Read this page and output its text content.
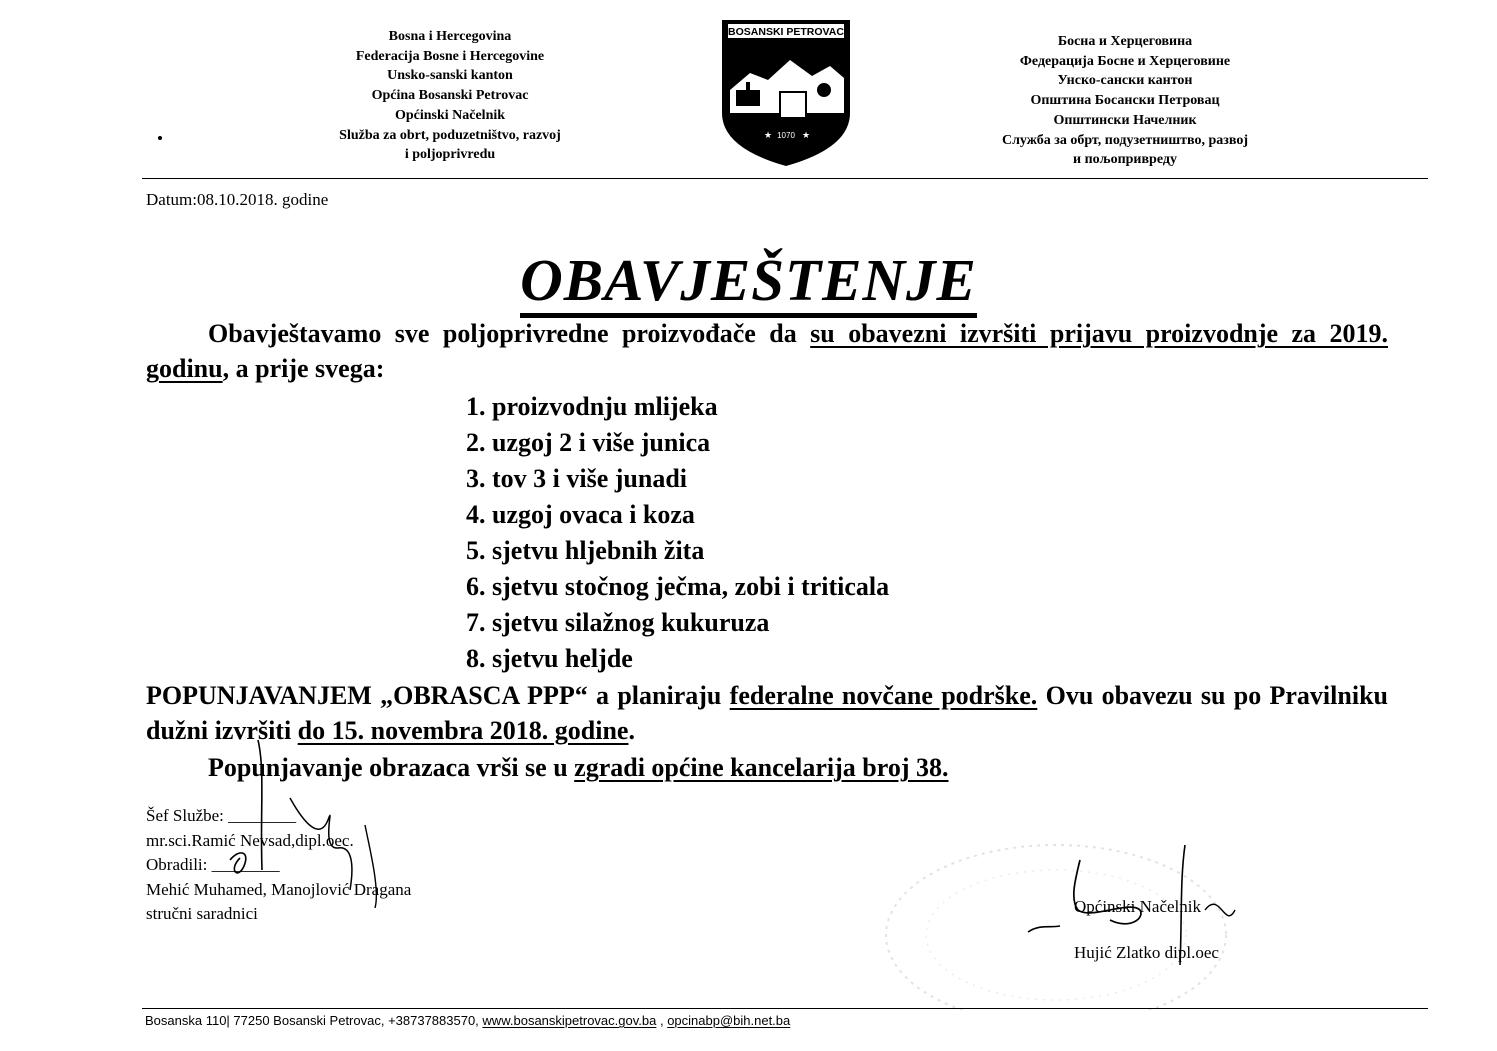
Bosna i Hercegovina
Federacija Bosne i Hercegovine
Unsko-sanski kanton
Općina Bosanski Petrovac
Općinski Načelnik
Služba za obrt, poduzetništvo, razvoj
i poljoprivredu
BOSANSKI PETROVAC
1070
★	★
Босна и Херцеговина
Федерација Босне и Херцеговине
Унско-сански кантон
Општина Босански Петровац
Општински Начелник
Служба за обрт, подузетништво, развој
и пољопривреду
Datum:08.10.2018. godine
OBAVJEŠTENJE
Obavještavamo sve poljoprivredne proizvođače da su obavezni izvršiti prijavu proizvodnje za 2019. godinu, a prije svega:
1. proizvodnju mlijeka
2. uzgoj 2 i više junica
3. tov 3 i više junadi
4. uzgoj ovaca i koza
5. sjetvu hljebnih žita
6. sjetvu stočnog ječma, zobi i triticala
7. sjetvu silažnog kukuruza
8. sjetvu heljde
POPUNJAVANJEM „OBRASCA PPP“ a planiraju federalne novčane podrške. Ovu obavezu su po Pravilniku dužni izvršiti do 15. novembra 2018. godine.
Popunjavanje obrazaca vrši se u zgradi općine kancelarija broj 38.
Šef Službe: ________
mr.sci.Ramić Nevsad,dipl.oec.
Obradili: ________
Mehić Muhamed, Manojlović Dragana
stručni saradnici	Općinski Načelnik
Hujić Zlatko dipl.oec
Bosanska 110| 77250 Bosanski Petrovac, +38737883570, www.bosanskipetrovac.gov.ba , opcinabp@bih.net.ba
